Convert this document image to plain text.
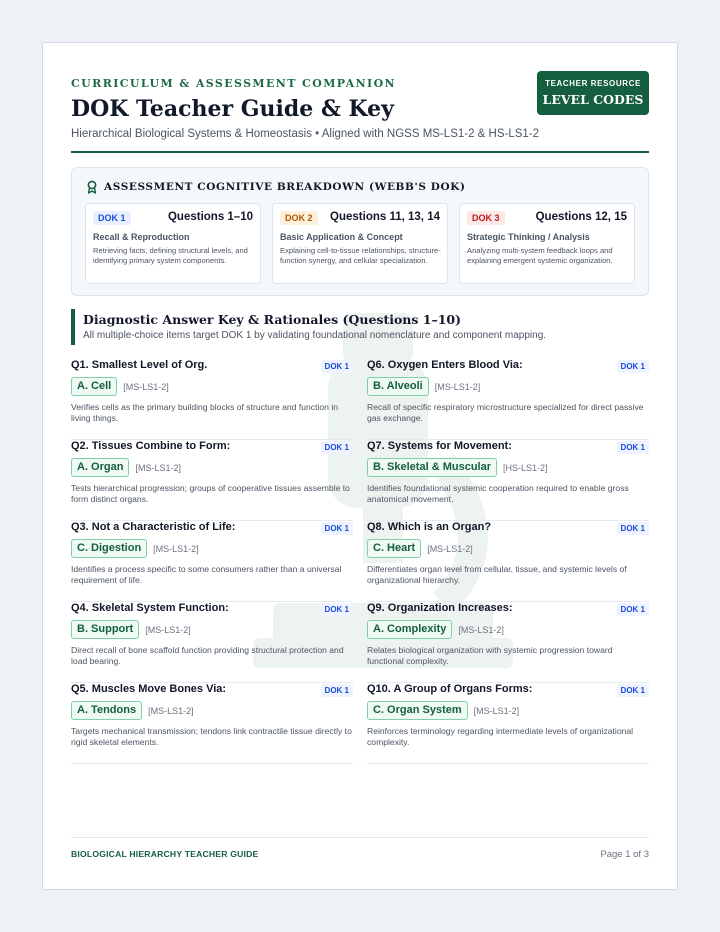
CURRICULUM & ASSESSMENT COMPANION
DOK Teacher Guide & Key
Hierarchical Biological Systems & Homeostasis • Aligned with NGSS MS-LS1-2 & HS-LS1-2
TEACHER RESOURCE
LEVEL CODES
ASSESSMENT COGNITIVE BREAKDOWN (WEBB'S DOK)
DOK 1	Questions 1–10
Recall & Reproduction
Retrieving facts, defining structural levels, and identifying primary system components.
DOK 2	Questions 11, 13, 14
Basic Application & Concept
Explaining cell-to-tissue relationships, structure-function synergy, and cellular specialization.
DOK 3	Questions 12, 15
Strategic Thinking / Analysis
Analyzing multi-system feedback loops and explaining emergent systemic organization.
Diagnostic Answer Key & Rationales (Questions 1–10)
All multiple-choice items target DOK 1 by validating foundational nomenclature and component mapping.
Q1. Smallest Level of Org.	DOK 1
A. Cell	[MS-LS1-2]
Verifies cells as the primary building blocks of structure and function in living things.
Q2. Tissues Combine to Form:	DOK 1
A. Organ	[MS-LS1-2]
Tests hierarchical progression; groups of cooperative tissues assemble to form distinct organs.
Q3. Not a Characteristic of Life:	DOK 1
C. Digestion	[MS-LS1-2]
Identifies a process specific to some consumers rather than a universal requirement of life.
Q4. Skeletal System Function:	DOK 1
B. Support	[MS-LS1-2]
Direct recall of bone scaffold function providing structural protection and load bearing.
Q5. Muscles Move Bones Via:	DOK 1
A. Tendons	[MS-LS1-2]
Targets mechanical transmission; tendons link contractile tissue directly to rigid skeletal elements.
Q6. Oxygen Enters Blood Via:	DOK 1
B. Alveoli	[MS-LS1-2]
Recall of specific respiratory microstructure specialized for direct passive gas exchange.
Q7. Systems for Movement:	DOK 1
B. Skeletal & Muscular	[HS-LS1-2]
Identifies foundational systemic cooperation required to enable gross anatomical movement.
Q8. Which is an Organ?	DOK 1
C. Heart	[MS-LS1-2]
Differentiates organ level from cellular, tissue, and systemic levels of organizational hierarchy.
Q9. Organization Increases:	DOK 1
A. Complexity	[MS-LS1-2]
Relates biological organization with systemic progression toward functional complexity.
Q10. A Group of Organs Forms:	DOK 1
C. Organ System	[MS-LS1-2]
Reinforces terminology regarding intermediate levels of organizational complexity.
BIOLOGICAL HIERARCHY TEACHER GUIDE	Page 1 of 3
